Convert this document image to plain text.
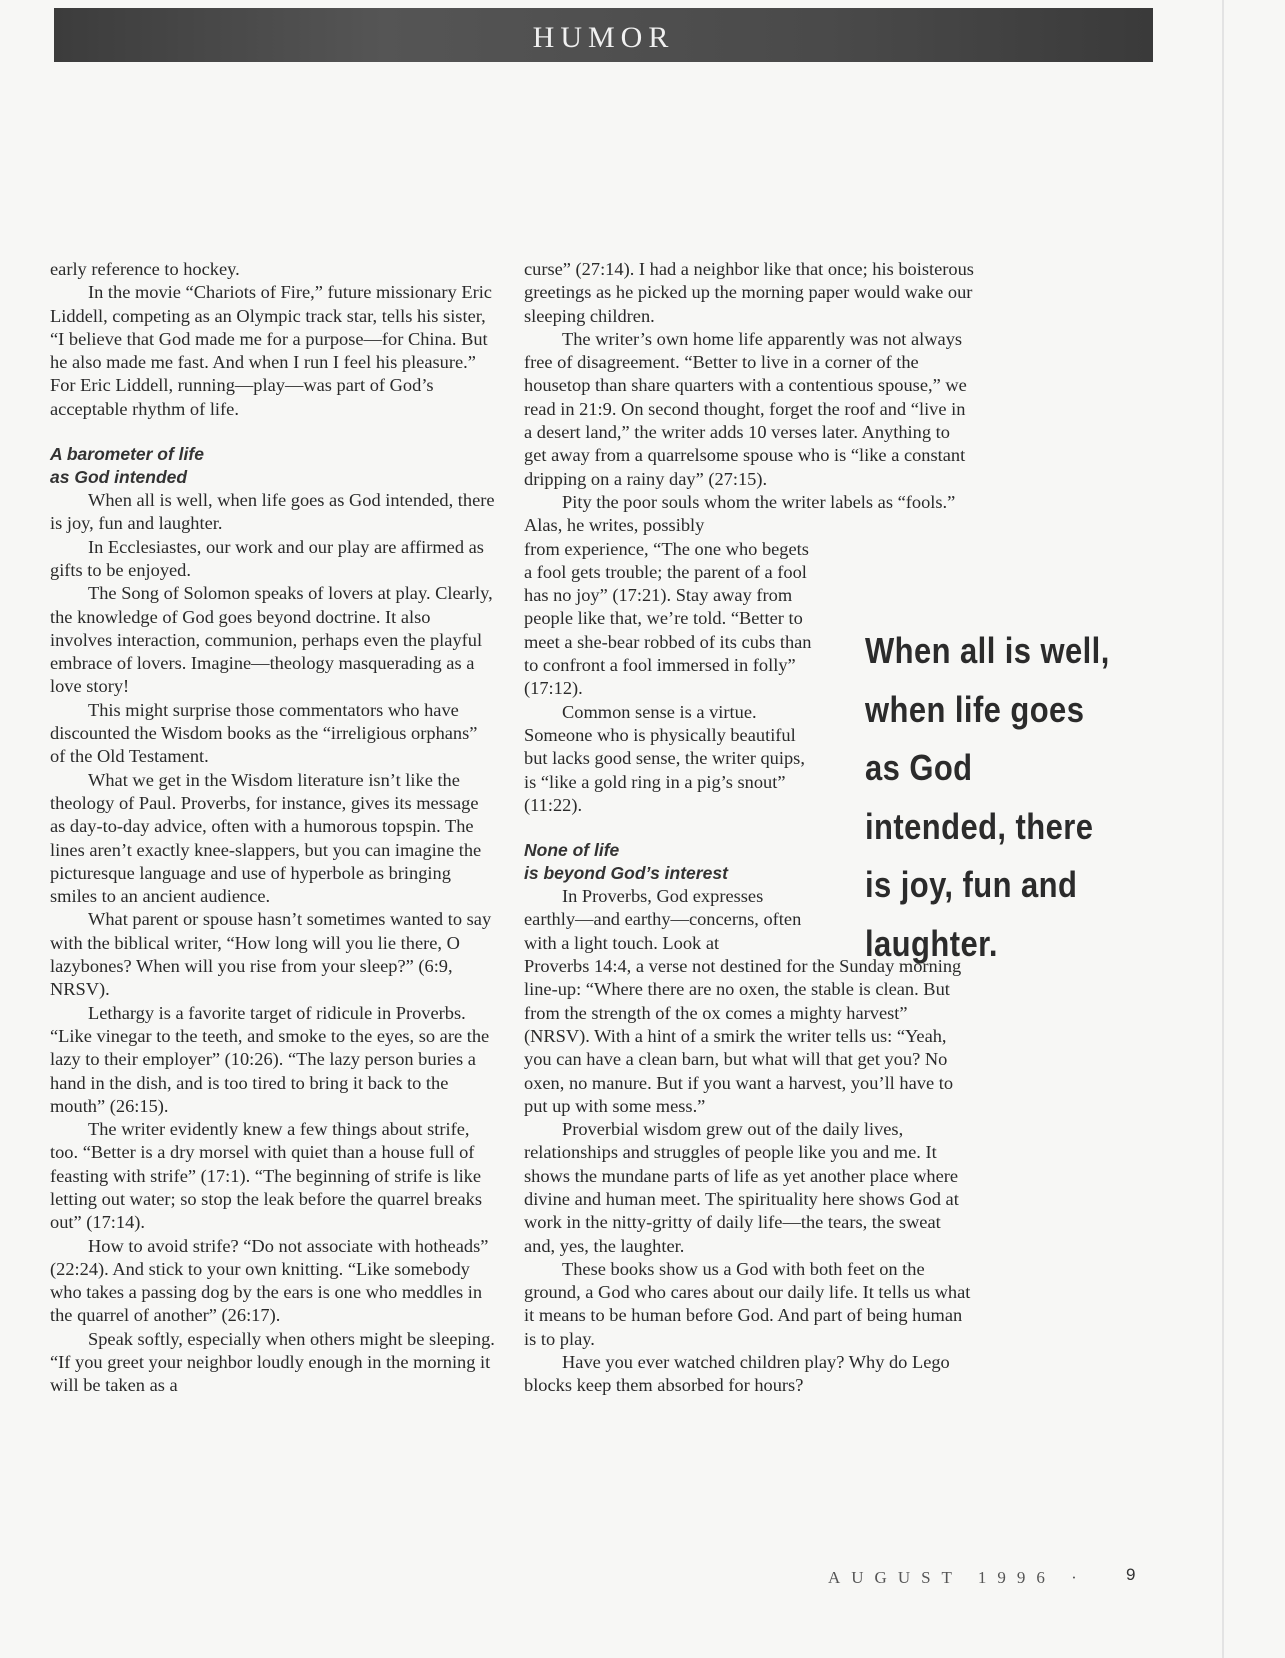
HUMOR

early reference to hockey.

In the movie “Chariots of Fire,” future missionary Eric Liddell, competing as an Olympic track star, tells his sister, “I believe that God made me for a purpose—for China. But he also made me fast. And when I run I feel his pleasure.” For Eric Liddell, running—play—was part of God’s acceptable rhythm of life.

A barometer of life
as God intended

When all is well, when life goes as God intended, there is joy, fun and laughter.

In Ecclesiastes, our work and our play are affirmed as gifts to be enjoyed.

The Song of Solomon speaks of lovers at play. Clearly, the knowledge of God goes beyond doctrine. It also involves interaction, communion, perhaps even the playful embrace of lovers. Imagine—theology masquerading as a love story!

This might surprise those commentators who have discounted the Wisdom books as the “irreligious orphans” of the Old Testament.

What we get in the Wisdom literature isn’t like the theology of Paul. Proverbs, for instance, gives its message as day-to-day advice, often with a humorous topspin. The lines aren’t exactly knee-slappers, but you can imagine the picturesque language and use of hyperbole as bringing smiles to an ancient audience.

What parent or spouse hasn’t sometimes wanted to say with the biblical writer, “How long will you lie there, O lazybones? When will you rise from your sleep?” (6:9, NRSV).

Lethargy is a favorite target of ridicule in Proverbs. “Like vinegar to the teeth, and smoke to the eyes, so are the lazy to their employer” (10:26). “The lazy person buries a hand in the dish, and is too tired to bring it back to the mouth” (26:15).

The writer evidently knew a few things about strife, too. “Better is a dry morsel with quiet than a house full of feasting with strife” (17:1). “The beginning of strife is like letting out water; so stop the leak before the quarrel breaks out” (17:14).

How to avoid strife? “Do not associate with hotheads” (22:24). And stick to your own knitting. “Like somebody who takes a passing dog by the ears is one who meddles in the quarrel of another” (26:17).

Speak softly, especially when others might be sleeping. “If you greet your neighbor loudly enough in the morning it will be taken as a

curse” (27:14). I had a neighbor like that once; his boisterous greetings as he picked up the morning paper would wake our sleeping children.

The writer’s own home life apparently was not always free of disagreement. “Better to live in a corner of the housetop than share quarters with a contentious spouse,” we read in 21:9. On second thought, forget the roof and “live in a desert land,” the writer adds 10 verses later. Anything to get away from a quarrelsome spouse who is “like a constant dripping on a rainy day” (27:15).

Pity the poor souls whom the writer labels as “fools.” Alas, he writes, possibly

from experience, “The one who begets a fool gets trouble; the parent of a fool has no joy” (17:21). Stay away from people like that, we’re told. “Better to meet a she-bear robbed of its cubs than to confront a fool immersed in folly” (17:12).

Common sense is a virtue. Someone who is physically beautiful but lacks good sense, the writer quips, is “like a gold ring in a pig’s snout” (11:22).

None of life
is beyond God’s interest

In Proverbs, God expresses earthly—and earthy—concerns, often with a light touch. Look at

Proverbs 14:4, a verse not destined for the Sunday morning line-up: “Where there are no oxen, the stable is clean. But from the strength of the ox comes a mighty harvest” (NRSV). With a hint of a smirk the writer tells us: “Yeah, you can have a clean barn, but what will that get you? No oxen, no manure. But if you want a harvest, you’ll have to put up with some mess.”

Proverbial wisdom grew out of the daily lives, relationships and struggles of people like you and me. It shows the mundane parts of life as yet another place where divine and human meet. The spirituality here shows God at work in the nitty-gritty of daily life—the tears, the sweat and, yes, the laughter.

These books show us a God with both feet on the ground, a God who cares about our daily life. It tells us what it means to be human before God. And part of being human is to play.

Have you ever watched children play? Why do Lego blocks keep them absorbed for hours?

When all is well, when life goes as God intended, there is joy, fun and laughter.
AUGUST 1996 · 9
